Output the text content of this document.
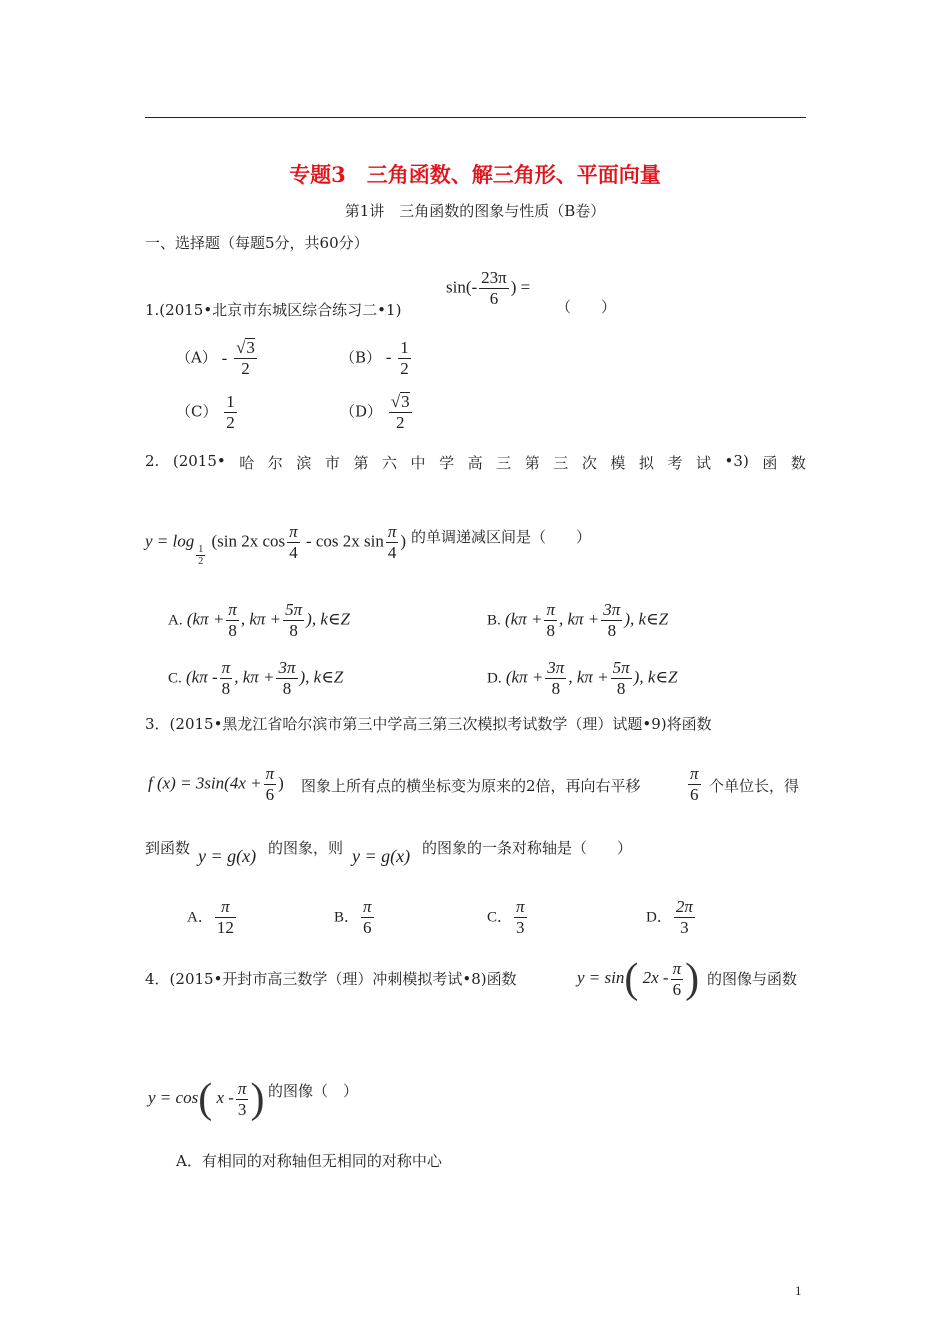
专题3　三角函数、解三角形、平面向量
第1讲　三角函数的图象与性质（B卷）
一、选择题（每题5分，共60分）
1.(2015•北京市东城区综合练习二•1)
$\sin(- \frac{23\pi}{6}$ ) =
（　　）
$(A) - \frac{√3}{2}$	$(B) - \frac{1}{2}$
$(C) \frac{1}{2}$	$(D) \frac{√3}{2}$
2. (2015• 哈 尔 滨 市 第 六 中 学 高 三 第 三 次 模 拟 考 试 •3) 函 数
y = log
$\frac{1}{2}$
(sin 2x $\cos \frac{\pi}{4}$ - cos 2x $\sin \frac{\pi}{4}$ ) 的单调递减区间是（　　）
A. ($k\pi + \frac{\pi}{8}$ , $k\pi + \frac{5\pi}{8}$ ), k∈Z	B. ($k\pi + \frac{\pi}{8}$ , $k\pi + \frac{3\pi}{8}$ ), k∈Z
C. ($k\pi - \frac{\pi}{8}$ , $k\pi + \frac{3\pi}{8}$ ), k∈Z	D. ($k\pi + \frac{3\pi}{8}$ , $k\pi + \frac{5\pi}{8}$ ), k∈Z
3．(2015•黑龙江省哈尔滨市第三中学高三第三次模拟考试数学（理）试题•9)将函数
f $(x) = 3\sin(4x + \frac{\pi}{6}$ ) 图象上所有点的横坐标变为原来的2倍，再向右平移	$\frac{\pi}{6}$ 个单位长，得
到函数 y = g(x) 的图象，则 y = g(x) 的图象的一条对称轴是（　　）
A． $\frac{\pi}{12}$	B． $\frac{\pi}{6}$	C． $\frac{\pi}{3}$	D． $\frac{2\pi}{3}$
4．(2015•开封市高三数学（理）冲刺模拟考试•8)函数	y = sin( $2x - \frac{\pi}{6}$ ) 的图像与函数
y = cos( x - $\frac{\pi}{3}$ ) 的图像（　）
A．有相同的对称轴但无相同的对称中心
1
